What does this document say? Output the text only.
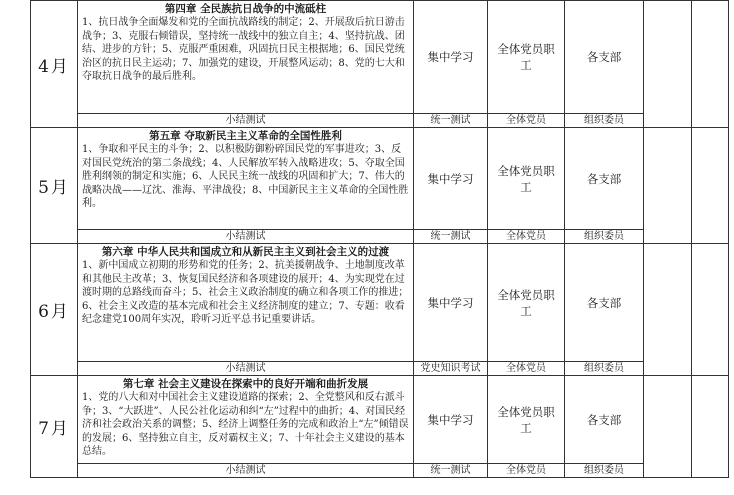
4月	第四章 全民族抗日战争的中流砥柱
1、抗日战争全面爆发和党的全面抗战路线的制定；2、开展敌后抗日游击战争；3、克服右倾错误，坚持统一战线中的独立自主；4、坚持抗战、团结、进步的方针；5、克服严重困难，巩固抗日民主根据地；6、国民党统治区的抗日民主运动；7、加强党的建设，开展整风运动；8、党的七大和夺取抗日战争的最后胜利。	集中学习	全体党员职工	各支部		
	小结测试	统一测试	全体党员	组织委员		
5月	第五章 夺取新民主主义革命的全国性胜利
1、争取和平民主的斗争；2、以积极防御粉碎国民党的军事进攻；3、反对国民党统治的第二条战线；4、人民解放军转入战略进攻；5、夺取全国胜利纲领的制定和实施；6、人民民主统一战线的巩固和扩大；7、伟大的战略决战——辽沈、淮海、平津战役；8、中国新民主主义革命的全国性胜利。	集中学习	全体党员职工	各支部		
	小结测试	统一测试	全体党员	组织委员		
6月	第六章 中华人民共和国成立和从新民主主义到社会主义的过渡
1、新中国成立初期的形势和党的任务；2、抗美援朝战争、土地制度改革和其他民主改革；3、恢复国民经济和各项建设的展开；4、为实现党在过渡时期的总路线而奋斗；5、社会主义政治制度的确立和各项工作的推进；6、社会主义改造的基本完成和社会主义经济制度的建立；7、专题：收看纪念建党100周年实况，聆听习近平总书记重要讲话。	集中学习	全体党员职工	各支部		
	小结测试	党史知识考试	全体党员	组织委员		
7月	第七章 社会主义建设在探索中的良好开端和曲折发展
1、党的八大和对中国社会主义建设道路的探索；2、全党整风和反右派斗争；3、“大跃进”、人民公社化运动和纠“左”过程中的曲折；4、对国民经济和社会政治关系的调整；5、经济上调整任务的完成和政治上“左”倾错误的发展；6、坚持独立自主，反对霸权主义；7、十年社会主义建设的基本总结。	集中学习	全体党员职工	各支部		
	小结测试	统一测试	全体党员	组织委员		
